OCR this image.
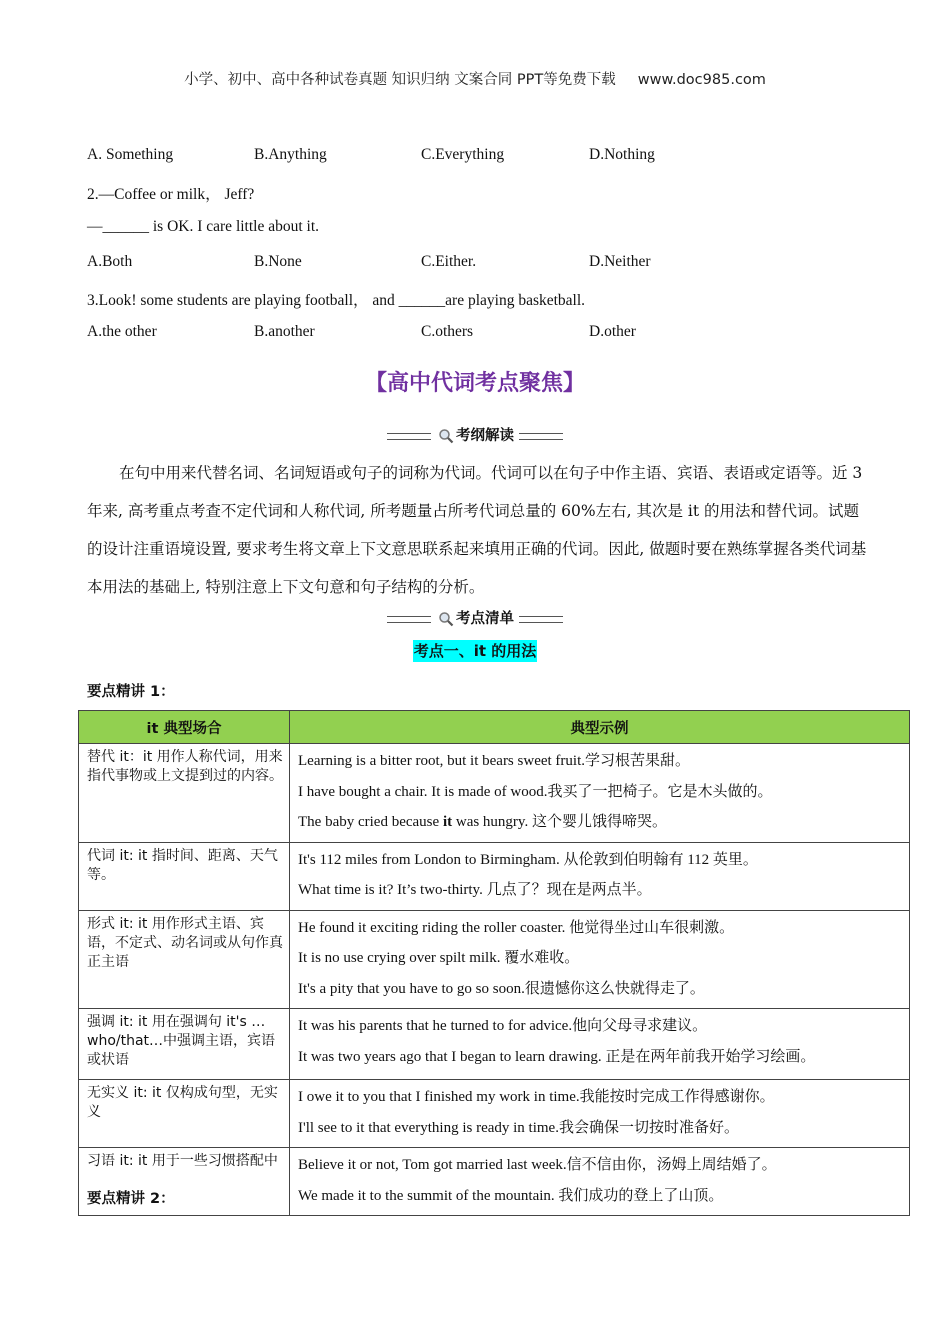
小学、初中、高中各种试卷真题 知识归纳 文案合同 PPT等免费下载 www.doc985.com
A. Something	B.Anything	C.Everything	D.Nothing
2.—Coffee or milk， Jeff?
—______ is OK. I care little about it.
A.Both	B.None	C.Either.	D.Neither
3.Look! some students are playing football， and ______are playing basketball.
A.the other	B.another	C.others	D.other
【高中代词考点聚焦】
考纲解读
在句中用来代替名词、名词短语或句子的词称为代词。代词可以在句子中作主语、宾语、表语或定语等。近 3 年来, 高考重点考查不定代词和人称代词, 所考题量占所考代词总量的 60%左右, 其次是 it 的用法和替代词。试题的设计注重语境设置, 要求考生将文章上下文意思联系起来填用正确的代词。因此, 做题时要在熟练掌握各类代词基本用法的基础上, 特别注意上下文句意和句子结构的分析。
考点清单
考点一、it 的用法
要点精讲 1：
it 典型场合	典型示例
替代 it：it 用作人称代词，用来指代事物或上文提到过的内容。	Learning is a bitter root, but it bears sweet fruit.学习根苦果甜。
I have bought a chair. It is made of wood.我买了一把椅子。它是木头做的。
The baby cried because it was hungry. 这个婴儿饿得啼哭。

代词 it: it 指时间、距离、天气等。	It's 112 miles from London to Birmingham. 从伦敦到伯明翰有 112 英里。
What time is it? It’s two-thirty. 几点了？现在是两点半。

形式 it: it 用作形式主语、宾语，不定式、动名词或从句作真正主语	He found it exciting riding the roller coaster. 他觉得坐过山车很刺激。
It is no use crying over spilt milk. 覆水难收。
It's a pity that you have to go so soon.很遗憾你这么快就得走了。

强调 it: it 用在强调句 it's … who/that…中强调主语，宾语或状语	It was his parents that he turned to for advice.他向父母寻求建议。
It was two years ago that I began to learn drawing. 正是在两年前我开始学习绘画。

无实义 it: it 仅构成句型，无实义	I owe it to you that I finished my work in time.我能按时完成工作得感谢你。
I'll see to it that everything is ready in time.我会确保一切按时准备好。

习语 it: it 用于一些习惯搭配中	Believe it or not, Tom got married last week.信不信由你，汤姆上周结婚了。
We made it to the summit of the mountain. 我们成功的登上了山顶。
要点精讲 2：
